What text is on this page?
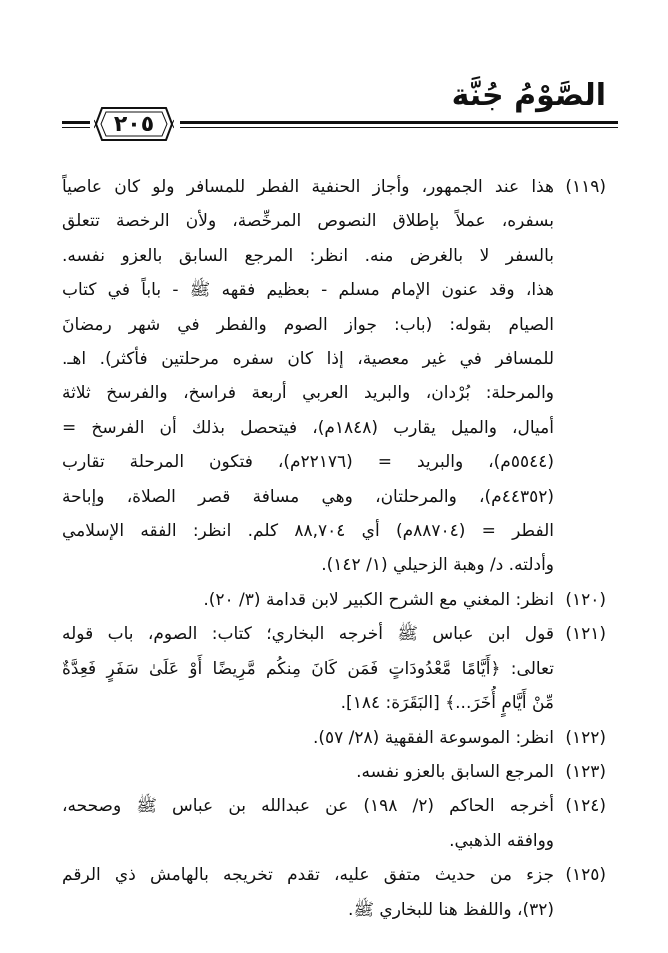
الصَّوْمُ جُنَّة
٢٠٥
(١١٩)
هذا عند الجمهور، وأجاز الحنفية الفطر للمسافر ولو كان عاصياً
بسفره، عملاً بإطلاق النصوص المرخِّصة، ولأن الرخصة تتعلق
بالسفر لا بالغرض منه. انظر: المرجع السابق بالعزو نفسه.
هذا، وقد عنون الإمام مسلم - بعظيم فقهه ﷺ - باباً في كتاب
الصيام بقوله: (باب: جواز الصوم والفطر في شهر رمضانَ
للمسافر في غير معصية، إذا كان سفره مرحلتين فأكثر). اهـ.
والمرحلة: بُرْدان، والبريد العربي أربعة فراسخ، والفرسخ ثلاثة
أميال، والميل يقارب (١٨٤٨م)، فيتحصل بذلك أن الفرسخ =
(٥٥٤٤م)، والبريد = (٢٢١٧٦م)، فتكون المرحلة تقارب
(٤٤٣٥٢م)، والمرحلتان، وهي مسافة قصر الصلاة، وإباحة
الفطر = (٨٨٧٠٤م) أي ٨٨,٧٠٤ كلم. انظر: الفقه الإسلامي
وأدلته. د/ وهبة الزحيلي (١/ ١٤٢).
(١٢٠)
انظر: المغني مع الشرح الكبير لابن قدامة (٣/ ٢٠).
(١٢١)
قول ابن عباس ﷺ أخرجه البخاري؛ كتاب: الصوم، باب قوله
تعالى: ﴿أَيَّامًا مَّعْدُودَاتٍ فَمَن كَانَ مِنكُم مَّرِيضًا أَوْ عَلَىٰ سَفَرٍ فَعِدَّةٌ
مِّنْ أَيَّامٍ أُخَرَ...﴾ [البَقَرَة: ١٨٤].
(١٢٢)
انظر: الموسوعة الفقهية (٢٨/ ٥٧).
(١٢٣)
المرجع السابق بالعزو نفسه.
(١٢٤)
أخرجه الحاكم (٢/ ١٩٨) عن عبدالله بن عباس ﷺ وصححه،
ووافقه الذهبي.
(١٢٥)
جزء من حديث متفق عليه، تقدم تخريجه بالهامش ذي الرقم
(٣٢)، واللفظ هنا للبخاري ﷺ.
